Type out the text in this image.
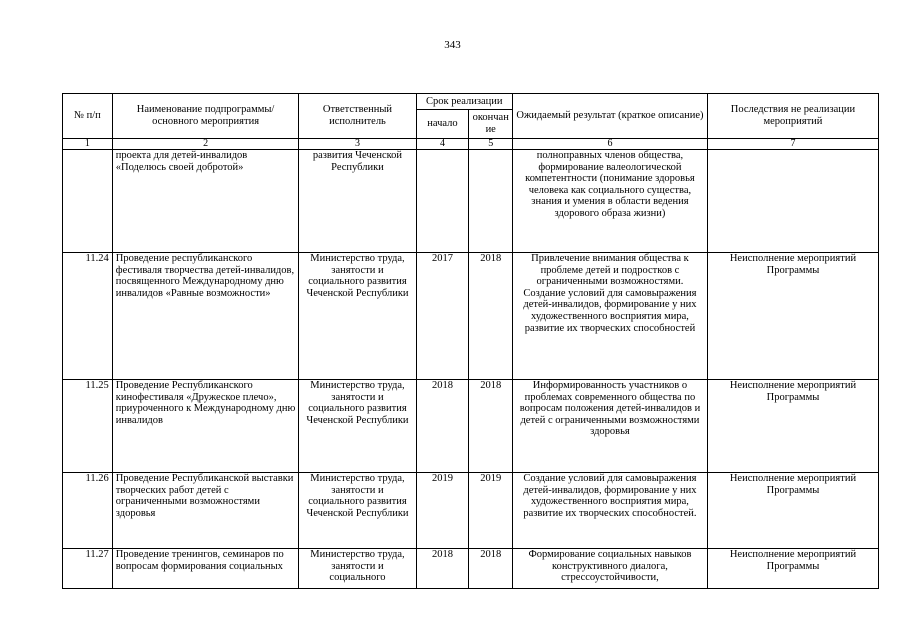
343
№ п/п	Наименование подпрограммы/ основного мероприятия	Ответственный исполнитель	Срок реализации		Ожидаемый результат (краткое описание)	Последствия не реализации мероприятий
			начало	окончание		
1	2	3	4	5	6	7
	проекта для детей-инвалидов «Поделюсь своей добротой»	развития Чеченской Республики			полноправных членов общества, формирование валеологической компетентности (понимание здоровья человека как социального существа, знания и умения в области ведения здорового образа жизни)	
11.24	Проведение республиканского фестиваля творчества детей-инвалидов, посвященного Международному дню инвалидов «Равные возможности»	Министерство труда, занятости и социального развития Чеченской Республики	2017	2018	Привлечение внимания общества к проблеме детей и подростков с ограниченными возможностями. Создание условий для самовыражения детей-инвалидов, формирование у них художественного восприятия мира, развитие их творческих способностей	Неисполнение мероприятий Программы
11.25	Проведение Республиканского кинофестиваля «Дружеское плечо», приуроченного к Международному дню инвалидов	Министерство труда, занятости и социального развития Чеченской Республики	2018	2018	Информированность участников о проблемах современного общества по вопросам положения детей-инвалидов и детей с ограниченными возможностями здоровья	Неисполнение мероприятий Программы
11.26	Проведение Республиканской выставки творческих работ детей с ограниченными возможностями здоровья	Министерство труда, занятости и социального развития Чеченской Республики	2019	2019	Создание условий для самовыражения детей-инвалидов, формирование у них художественного восприятия мира, развитие их творческих способностей.	Неисполнение мероприятий Программы
11.27	Проведение тренингов, семинаров по вопросам формирования социальных	Министерство труда, занятости и социального	2018	2018	Формирование социальных навыков конструктивного диалога, стрессоустойчивости,	Неисполнение мероприятий Программы
